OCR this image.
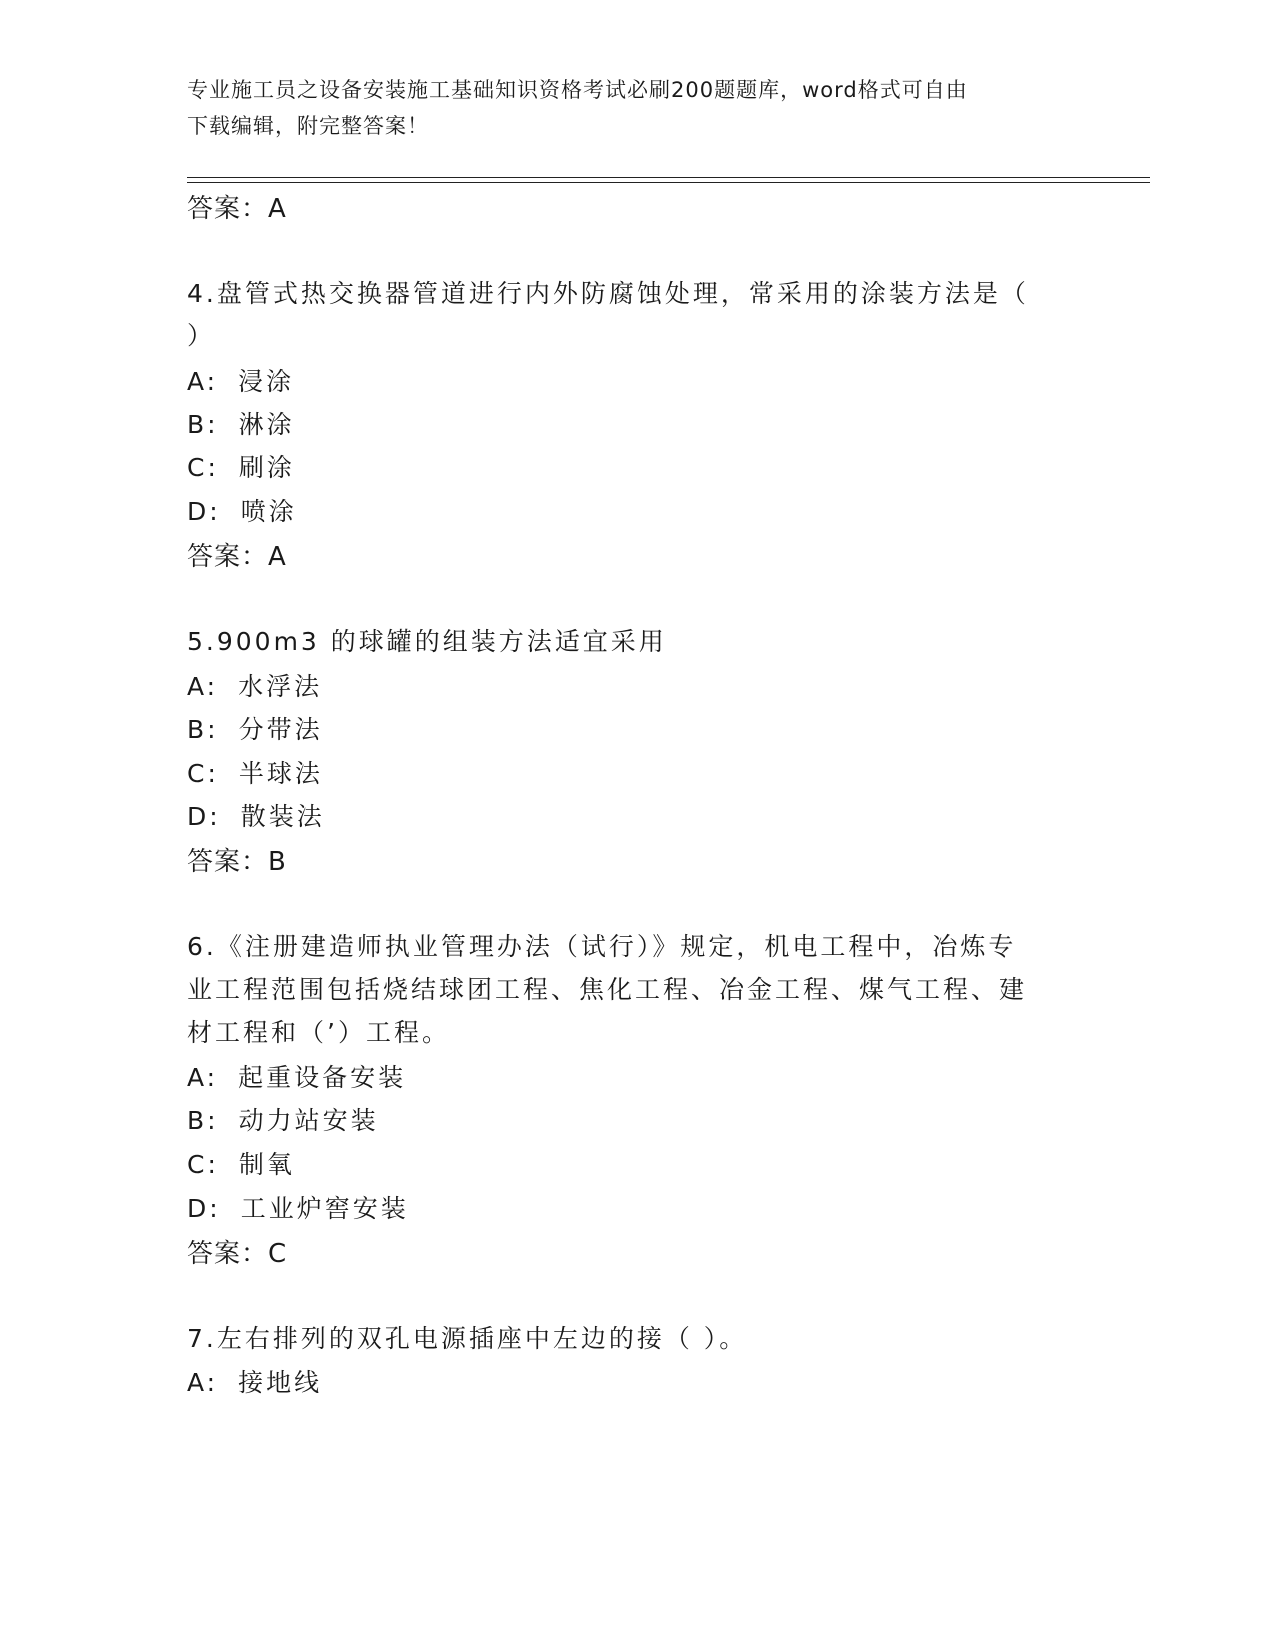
专业施工员之设备安装施工基础知识资格考试必刷200题题库，word格式可自由
下载编辑，附完整答案！
答案：A
4.盘管式热交换器管道进行内外防腐蚀处理，常采用的涂装方法是（
）
A: 浸涂
B: 淋涂
C: 刷涂
D: 喷涂
答案：A
5.900m3 的球罐的组装方法适宜采用
A: 水浮法
B: 分带法
C: 半球法
D: 散装法
答案：B
6.《注册建造师执业管理办法（试行）》规定，机电工程中，冶炼专
业工程范围包括烧结球团工程、焦化工程、冶金工程、煤气工程、建
材工程和（’）工程。
A: 起重设备安装
B: 动力站安装
C: 制氧
D: 工业炉窖安装
答案：C
7.左右排列的双孔电源插座中左边的接（ ）。
A: 接地线
